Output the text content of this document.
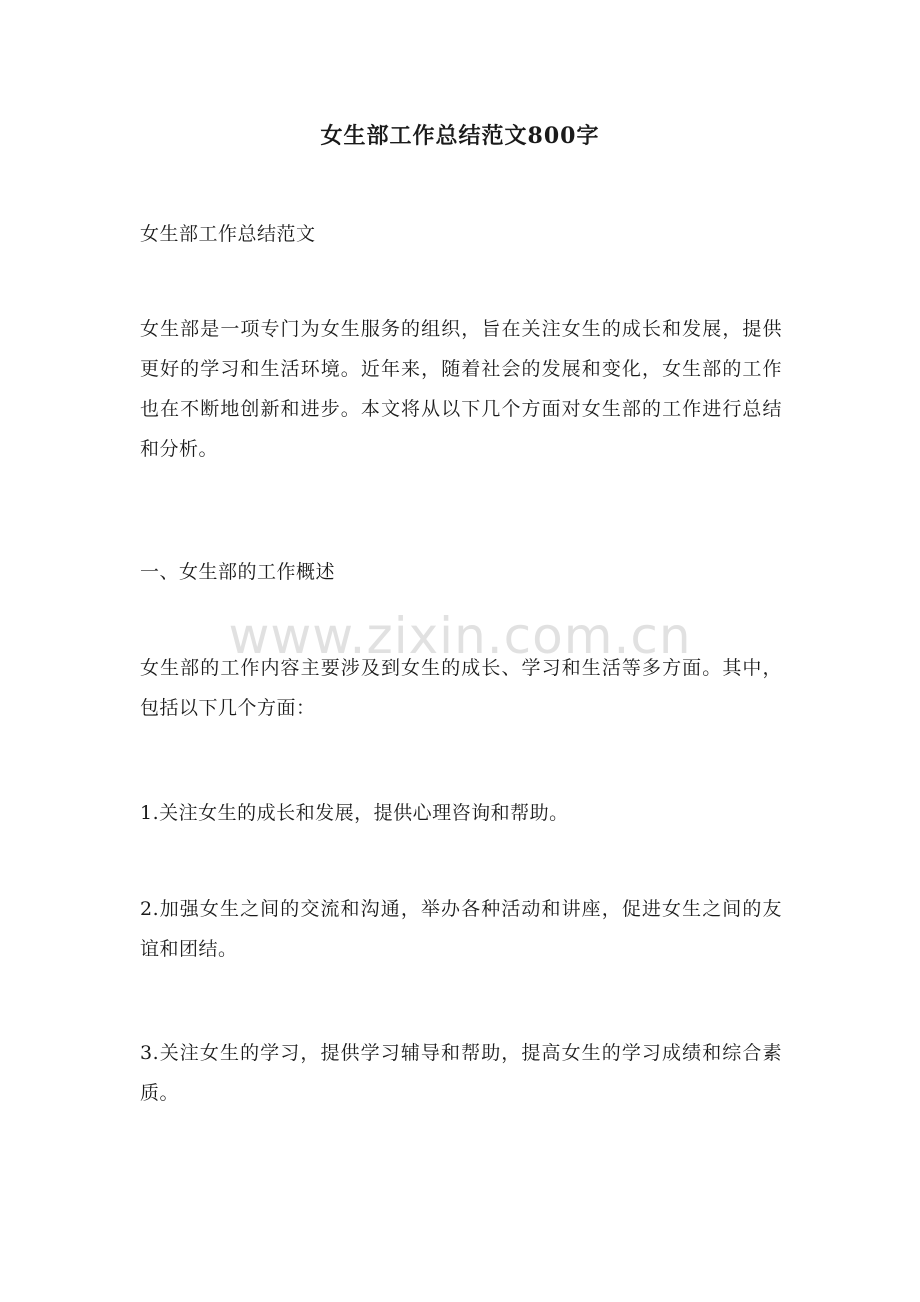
女生部工作总结范文800字
女生部工作总结范文
女生部是一项专门为女生服务的组织，旨在关注女生的成长和发展，提供更好的学习和生活环境。近年来，随着社会的发展和变化，女生部的工作也在不断地创新和进步。本文将从以下几个方面对女生部的工作进行总结和分析。
一、女生部的工作概述
女生部的工作内容主要涉及到女生的成长、学习和生活等多方面。其中，包括以下几个方面：
1.关注女生的成长和发展，提供心理咨询和帮助。
2.加强女生之间的交流和沟通，举办各种活动和讲座，促进女生之间的友谊和团结。
3.关注女生的学习，提供学习辅导和帮助，提高女生的学习成绩和综合素质。
www.zixin.com.cn
